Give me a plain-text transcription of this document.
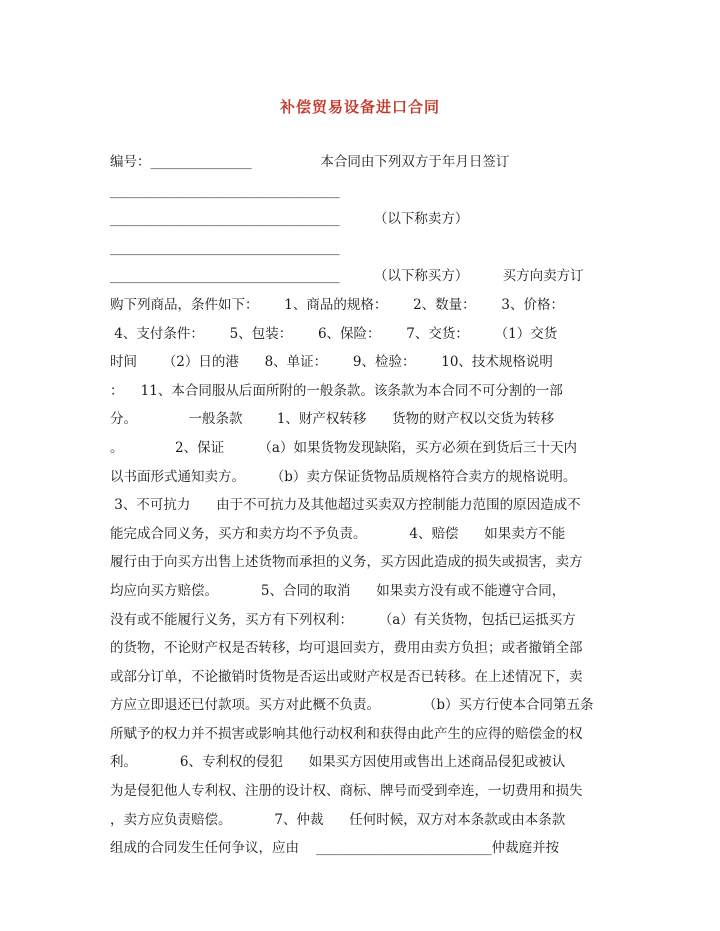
补偿贸易设备进口合同
编号：_______________                本合同由下列双方于年月日签订
__________________________________
__________________________________        （以下称卖方）
__________________________________
__________________________________        （以下称买方）        买方向卖方订
购下列商品，条件如下：      1、商品的规格：      2、数量：      3、价格：
4、支付条件：      5、包装：      6、保险：      7、交货：      （1）交货
时间      （2）日的港      8、单证：      9、检验：      10、技术规格说明
：    11、本合同服从后面所附的一般条款。该条款为本合同不可分割的一部
分。            一般条款        1、财产权转移      货物的财产权以交货为转移
。            2、保证        （a）如果货物发现缺陷，买方必须在到货后三十天内
以书面形式通知卖方。      （b）卖方保证货物品质规格符合卖方的规格说明。
3、不可抗力      由于不可抗力及其他超过买卖双方控制能力范围的原因造成不
能完成合同义务，买方和卖方均不予负责。          4、赔偿      如果卖方不能
履行由于向买方出售上述货物而承担的义务，买方因此造成的损失或损害，卖方
均应向买方赔偿。          5、合同的取消      如果卖方没有或不能遵守合同，
没有或不能履行义务，买方有下列权利：      （a）有关货物，包括已运抵买方
的货物，不论财产权是否转移，均可退回卖方，费用由卖方负担；或者撤销全部
或部分订单，不论撤销时货物是否运出或财产权是否已转移。在上述情况下，卖
方应立即退还已付款项。买方对此概不负责。          （b）买方行使本合同第五条
所赋予的权力并不损害或影响其他行动权利和获得由此产生的应得的赔偿金的权
利。          6、专利权的侵犯      如果买方因使用或售出上述商品侵犯或被认
为是侵犯他人专利权、注册的设计权、商标、牌号而受到牵连，一切费用和损失
，卖方应负责赔偿。          7、仲裁      任何时候，双方对本条款或由本条款
组成的合同发生任何争议，应由    __________________________仲裁庭并按
